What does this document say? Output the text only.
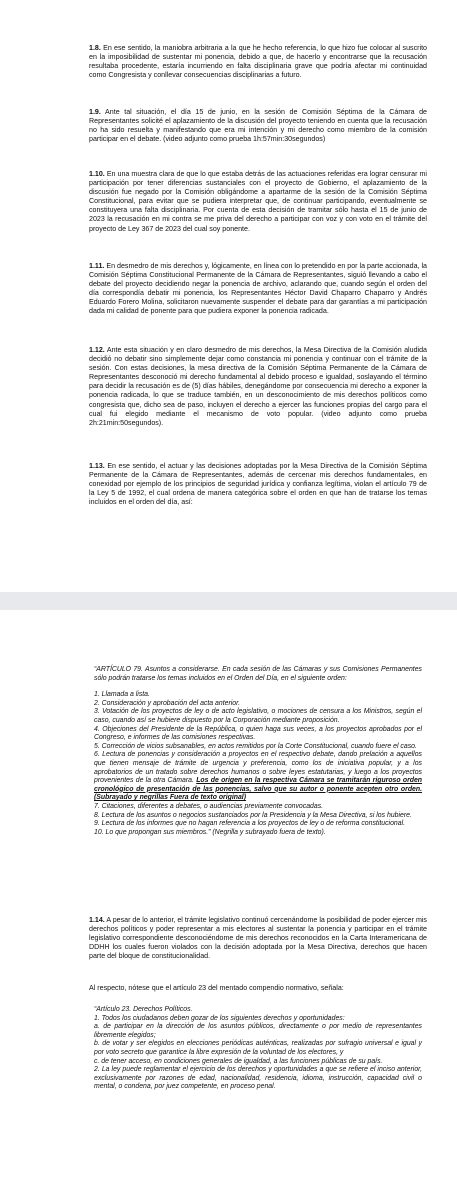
1.8. En ese sentido, la maniobra arbitraria a la que he hecho referencia, lo que hizo fue colocar al suscrito en la imposibilidad de sustentar mi ponencia, debido a que, de hacerlo y encontrarse que la recusación resultaba procedente, estaría incurriendo en falta disciplinaria grave que podría afectar mi continuidad como Congresista y conllevar consecuencias disciplinarias a futuro.
1.9. Ante tal situación, el día 15 de junio, en la sesión de Comisión Séptima de la Cámara de Representantes solicité el aplazamiento de la discusión del proyecto teniendo en cuenta que la recusación no ha sido resuelta y manifestando que era mi intención y mi derecho como miembro de la comisión participar en el debate. (video adjunto como prueba 1h:57min:30segundos)
1.10. En una muestra clara de que lo que estaba detrás de las actuaciones referidas era lograr censurar mi participación por tener diferencias sustanciales con el proyecto de Gobierno, el aplazamiento de la discusión fue negado por la Comisión obligándome a apartarme de la sesión de la Comisión Séptima Constitucional, para evitar que se pudiera interpretar que, de continuar participando, eventualmente se constituyera una falta disciplinaria. Por cuenta de esta decisión de tramitar sólo hasta el 15 de junio de 2023 la recusación en mi contra se me priva del derecho a participar con voz y con voto en el trámite del proyecto de Ley 367 de 2023 del cual soy ponente.
1.11. En desmedro de mis derechos y, lógicamente, en línea con lo pretendido en por la parte accionada, la Comisión Séptima Constitucional Permanente de la Cámara de Representantes, siguió llevando a cabo el debate del proyecto decidiendo negar la ponencia de archivo, aclarando que, cuando según el orden del día correspondía debatir mi ponencia, los Representantes Héctor David Chaparro Chaparro y Andrés Eduardo Forero Molina, solicitaron nuevamente suspender el debate para dar garantías a mi participación dada mi calidad de ponente para que pudiera exponer la ponencia radicada.
1.12. Ante esta situación y en claro desmedro de mis derechos, la Mesa Directiva de la Comisión aludida decidió no debatir sino simplemente dejar como constancia mi ponencia y continuar con el trámite de la sesión. Con estas decisiones, la mesa directiva de la Comisión Séptima Permanente de la Cámara de Representantes desconoció mi derecho fundamental al debido proceso e igualdad, soslayando el término para decidir la recusación es de (5) días hábiles, denegándome por consecuencia mi derecho a exponer la ponencia radicada, lo que se traduce también, en un desconocimiento de mis derechos políticos como congresista que, dicho sea de paso, incluyen el derecho a ejercer las funciones propias del cargo para el cual fui elegido mediante el mecanismo de voto popular. (video adjunto como prueba 2h:21min:50segundos).
1.13. En ese sentido, el actuar y las decisiones adoptadas por la Mesa Directiva de la Comisión Séptima Permanente de la Cámara de Representantes, además de cercenar mis derechos fundamentales, en conexidad por ejemplo de los principios de seguridad jurídica y confianza legítima, violan el artículo 79 de la Ley 5 de 1992, el cual ordena de manera categórica sobre el orden en que han de tratarse los temas incluidos en el orden del día, así:

“ARTÍCULO 79. Asuntos a considerarse. En cada sesión de las Cámaras y sus Comisiones Permanentes sólo podrán tratarse los temas incluidos en el Orden del Día, en el siguiente orden:

1. Llamada a lista.

2. Consideración y aprobación del acta anterior.

3. Votación de los proyectos de ley o de acto legislativo, o mociones de censura a los Ministros, según el caso, cuando así se hubiere dispuesto por la Corporación mediante proposición.

4. Objeciones del Presidente de la República, o quien haga sus veces, a los proyectos aprobados por el Congreso, e informes de las comisiones respectivas.

5. Corrección de vicios subsanables, en actos remitidos por la Corte Constitucional, cuando fuere el caso.

6. Lectura de ponencias y consideración a proyectos en el respectivo debate, dando prelación a aquellos que tienen mensaje de trámite de urgencia y preferencia, como los de iniciativa popular, y a los aprobatorios de un tratado sobre derechos humanos o sobre leyes estatutarias, y luego a los proyectos provenientes de la otra Cámara. Los de origen en la respectiva Cámara se tramitarán riguroso orden cronológico de presentación de las ponencias, salvo que su autor o ponente acepten otro orden. (Subrayado y negrillas Fuera de texto original)

7. Citaciones, diferentes a debates, o audiencias previamente convocadas.

8. Lectura de los asuntos o negocios sustanciados por la Presidencia y la Mesa Directiva, si los hubiere.

9. Lectura de los informes que no hagan referencia a los proyectos de ley o de reforma constitucional.

10. Lo que propongan sus miembros.” (Negrilla y subrayado fuera de texto).

1.14. A pesar de lo anterior, el trámite legislativo continuó cercenándome la posibilidad de poder ejercer mis derechos políticos y poder representar a mis electores al sustentar la ponencia y participar en el trámite legislativo correspondiente desconociéndome de mis derechos reconocidos en la Carta Interamericana de DDHH los cuales fueron violados con la decisión adoptada por la Mesa Directiva, derechos que hacen parte del bloque de constitucionalidad.
Al respecto, nótese que el artículo 23 del mentado compendio normativo, señala:

“Artículo 23. Derechos Políticos.

1. Todos los ciudadanos deben gozar de los siguientes derechos y oportunidades:

a. de participar en la dirección de los asuntos públicos, directamente o por medio de representantes libremente elegidos;

b. de votar y ser elegidos en elecciones periódicas auténticas, realizadas por sufragio universal e igual y por voto secreto que garantice la libre expresión de la voluntad de los electores, y

c. de tener acceso, en condiciones generales de igualdad, a las funciones públicas de su país.

2. La ley puede reglamentar el ejercicio de los derechos y oportunidades a que se refiere el inciso anterior, exclusivamente por razones de edad, nacionalidad, residencia, idioma, instrucción, capacidad civil o mental, o condena, por juez competente, en proceso penal.
